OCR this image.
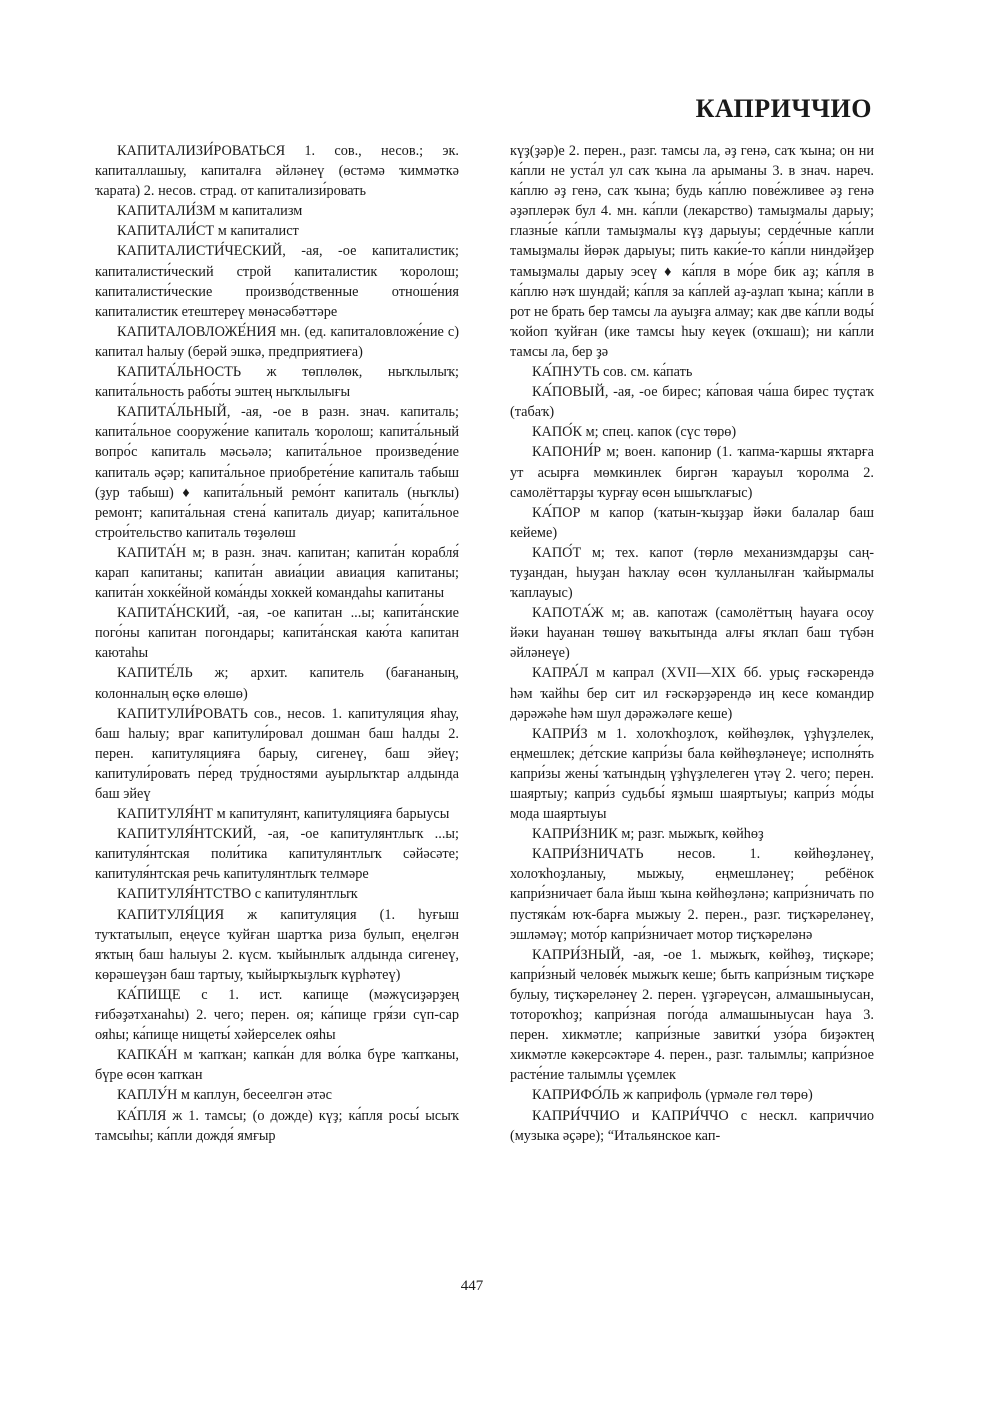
КАПРИЧЧИО

КАПИТАЛИЗИ́РОВАТЬСЯ 1. сов., несов.; эк. капиталлашыу, капиталға әйләнеү (өстәмә ҡиммәткә ҡарата) 2. несов. страд. от капитализи́ровать

КАПИТАЛИ́ЗМ м капитализм

КАПИТАЛИ́СТ м капиталист

КАПИТАЛИСТИ́ЧЕСКИЙ, -ая, -ое капиталистик; капиталисти́ческий строй капиталистик ҡоролош; капиталисти́ческие произво́дственные отноше́ния капиталистик етештереү мөнәсәбәттәре

КАПИТАЛОВЛОЖЕ́НИЯ мн. (ед. капиталовложе́ние с) капитал һалыу (берәй эшкә, предприятиеға)

КАПИТА́ЛЬНОСТЬ ж төплөлөк, ныҡлылыҡ; капита́льность рабо́ты эштең ныҡлылығы

КАПИТА́ЛЬНЫЙ, -ая, -ое в разн. знач. капиталь; капита́льное сооруже́ние капиталь ҡоролош; капита́льный вопро́с капиталь мәсьәлә; капита́льное произведе́ние капиталь әҫәр; капита́льное приобрете́ние капиталь табыш (ҙур табыш) ♦ капита́льный ремо́нт капиталь (ныҡлы) ремонт; капита́льная стена́ капиталь диуар; капита́льное строи́тельство капиталь төҙөлөш

КАПИТА́Н м; в разн. знач. капитан; капита́н корабля́ карап капитаны; капита́н авиа́ции авиация капитаны; капита́н хокке́йной кома́нды хоккей командаһы капитаны

КАПИТА́НСКИЙ, -ая, -ое капитан ...ы; капита́нские пого́ны капитан погондары; капита́нская каю́та капитан каютаһы

КАПИТЕ́ЛЬ ж; архит. капитель (бағананың, колонналың өҫкө өлөшө)

КАПИТУЛИ́РОВАТЬ сов., несов. 1. капитуляция яһау, баш һалыу; враг капитули́ровал дошман баш һалды 2. перен. капитуляцияға барыу, сигенеү, баш эйеү; капитули́ровать пе́ред тру́дностями ауырлыҡтар алдында баш эйеү

КАПИТУЛЯ́НТ м капитулянт, капитуляцияға барыусы

КАПИТУЛЯ́НТСКИЙ, -ая, -ое капитулянтлыҡ ...ы; капитуля́нтская поли́тика капитулянтлыҡ сәйәсәте; капитуля́нтская речь капитулянтлыҡ телмәре

КАПИТУЛЯ́НТСТВО с капитулянтлыҡ

КАПИТУЛЯ́ЦИЯ ж капитуляция (1. һуғыш туҡтатылып, еңеүсе ҡуйған шартҡа риза булып, еңелгән яҡтың баш һалыуы 2. күсм. ҡыйынлыҡ алдында сигенеү, көрәшеүҙән баш тартыу, ҡыйырҡыҙлыҡ күрһәтеү)

КА́ПИЩЕ с 1. ист. капище (мәжүсиҙәрҙең ғибәҙәтханаһы) 2. чего; перен. оя; ка́пище гря́зи сүп-сар ояһы; ка́пище нищеты́ хәйерселек ояһы

КАПКА́Н м ҡапҡан; капка́н для во́лка бүре ҡапҡаны, бүре өсөн ҡапҡан

КАПЛУ́Н м каплун, бесеелгән әтәс

КА́ПЛЯ ж 1. тамсы; (о дожде) күҙ; ка́пля росы́ ысыҡ тамсыһы; ка́пли дождя́ ямғыр

күҙ(ҙәр)е 2. перен., разг. тамсы ла, әҙ генә, саҡ ҡына; он ни ка́пли не уста́л ул саҡ ҡына ла арыманы 3. в знач. нареч. ка́плю әҙ генә, саҡ ҡына; будь ка́плю пове́жливее әҙ генә әҙәплерәк бул 4. мн. ка́пли (лекарство) тамыҙмалы дарыу; глазны́е ка́пли тамыҙмалы күҙ дарыуы; серде́чные ка́пли тамыҙмалы йөрәк дарыуы; пить каки́е-то ка́пли ниндәйҙер тамыҙмалы дарыу эсеү ♦ ка́пля в мо́ре бик аҙ; ка́пля в ка́плю нәҡ шундай; ка́пля за ка́плей аҙ-аҙлап ҡына; ка́пли в рот не брать бер тамсы ла ауыҙға алмау; как две ка́пли воды́ ҡойоп ҡуйған (ике тамсы һыу кеүек (оҡшаш); ни ка́пли тамсы ла, бер ҙә

КА́ПНУТЬ сов. см. ка́пать

КА́ПОВЫЙ, -ая, -ое бирес; ка́повая ча́ша бирес туҫтаҡ (табаҡ)

КАПО́К м; спец. капок (сүс төрө)

КАПОНИ́Р м; воен. капонир (1. ҡапма-ҡаршы яҡтарға ут асырға мөмкинлек биргән ҡарауыл ҡоролма 2. самолёттарҙы ҡурғау өсөн ышыҡлағыс)

КА́ПОР м капор (ҡатын-ҡыҙҙар йәки балалар баш кейеме)

КАПО́Т м; тех. капот (төрлө механизмдарҙы саң-туҙандан, һыуҙан һаҡлау өсөн ҡулланылған ҡайырмалы ҡаплауыс)

КАПОТА́Ж м; ав. капотаж (самолёттың һауаға осоу йәки һауанан төшөү ваҡытында алғы яҡлап баш түбән әйләнеүе)

КАПРА́Л м капрал (XVII—XIX бб. урыҫ ғәскәрендә һәм ҡайһы бер сит ил ғәскәрҙәрендә иң кесе командир дәрәжәһе һәм шул дәрәжәләге кеше)

КАПРИ́З м 1. холоҡһоҙлоҡ, көйһөҙлөк, үҙһүҙлелек, еңмешлек; де́тские капри́зы бала көйһөҙләнеүе; исполня́ть капри́зы жены́ ҡатындың үҙһүҙлелеген үтәү 2. чего; перен. шаяртыу; капри́з судьбы́ яҙмыш шаяртыуы; капри́з мо́ды мода шаяртыуы

КАПРИ́ЗНИК м; разг. мыжыҡ, көйһөҙ

КАПРИ́ЗНИЧАТЬ несов. 1. көйһөҙләнеү, холоҡһоҙланыу, мыжыу, еңмешләнеү; ребёнок капри́зничает бала йыш ҡына көйһөҙләнә; капри́зничать по пустяка́м юҡ-барға мыжыу 2. перен., разг. тиҫҡәреләнеү, эшләмәү; мото́р капри́зничает мотор тиҫҡәреләнә

КАПРИ́ЗНЫЙ, -ая, -ое 1. мыжыҡ, көйһөҙ, тиҫкәре; капри́зный челове́к мыжыҡ кеше; быть капри́зным тиҫҡәре булыу, тиҫҡәреләнеү 2. перен. үҙгәреүсән, алмашыныусан, тотороҡһоҙ; капри́зная пого́да алмашыныусан һауа 3. перен. хикмәтле; капри́зные завитки́ узо́ра биҙәктең хикмәтле кәкерсәктәре 4. перен., разг. талымлы; капри́зное расте́ние талымлы үҫемлек

КАПРИФО́ЛЬ ж каприфоль (үрмәле гөл төрө)

КАПРИ́ЧЧИО и КАПРИ́ЧЧО с нескл. каприччио (музыка әҫәре); “Итальянское кап-

447
